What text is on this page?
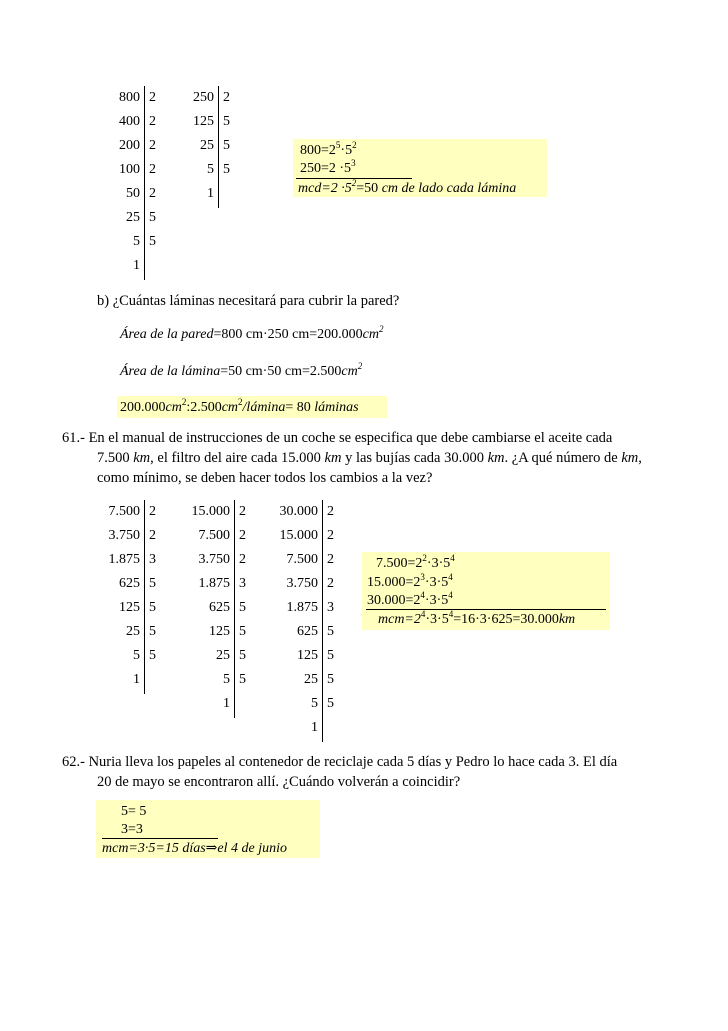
800 2
400 2
200 2
100 2
50 2
25 5
5 5
1
250 2
125 5
25 5
5 5
1
$800=2^5\cdot 5^2$
$250=2 \cdot 5^3$
$mcd=2 \cdot 5^2=50$ cm de lado cada lámina
b) ¿Cuántas láminas necesitará para cubrir la pared?
Área de la pared=800 cm·250 $cm=200.000cm^2$
Área de la lámina=50 cm·50 $cm=2.500cm^2$
$200.000cm^2:2.500cm^2/lá\min a= 80$ láminas
61.- En el manual de instrucciones de un coche se especifica que debe cambiarse el aceite cada
7.500 km, el filtro del aire cada 15.000 km y las bujías cada 30.000 km. ¿A qué número de km,
como mínimo, se deben hacer todos los cambios a la vez?
7.500 2
3.750 2
1.875 3
625 5
125 5
25 5
5 5
1
15.000 2
7.500 2
3.750 2
1.875 3
625 5
125 5
25 5
5 5
1
30.000 2
15.000 2
7.500 2
3.750 2
1.875 3
625 5
125 5
25 5
5 5
1
$7.500=2^2\cdot 3\cdot 5^4$
$15.000=2^3\cdot 3\cdot 5^4$
$30.000=2^4\cdot 3\cdot 5^4$
$mcm=2^4\cdot 3\cdot 5^4=16\cdot 3\cdot 625=30.000km$
62.- Nuria lleva los papeles al contenedor de reciclaje cada 5 días y Pedro lo hace cada 3. El día
20 de mayo se encontraron allí. ¿Cuándo volverán a coincidir?
5= 5
3=3
mcm=3·5=15 días⇒el 4 de junio
